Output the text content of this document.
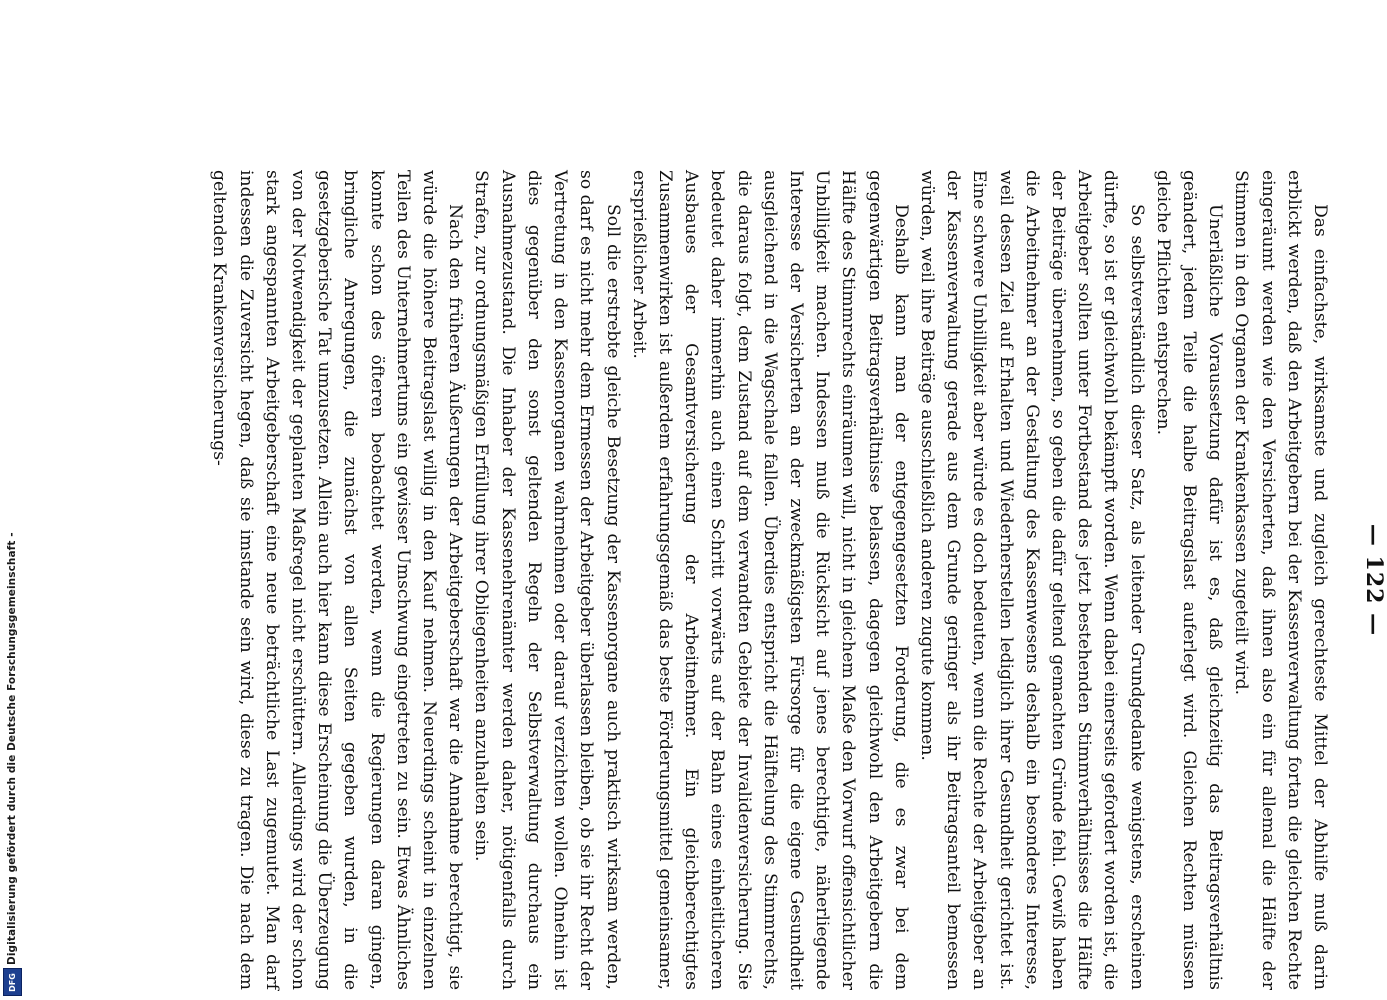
Digitalisierung gefördert durch die Deutsche Forschungsgemeinschaft -
DFG
— 122 —

Das einfachste, wirksamste und zugleich gerechteste Mittel der Abhilfe muß darin erblickt werden, daß den Arbeitgebern bei der Kassenverwaltung fortan die gleichen Rechte eingeräumt werden wie den Versicherten, daß ihnen also ein für allemal die Hälfte der Stimmen in den Organen der Krankenkassen zugeteilt wird.

Unerläßliche Voraussetzung dafür ist es, daß gleichzeitig das Beitragsverhältnis geändert, jedem Teile die halbe Beitragslast auferlegt wird. Gleichen Rechten müssen gleiche Pflichten entsprechen.

So selbstverständlich dieser Satz, als leitender Grundgedanke wenigstens, erscheinen dürfte, so ist er gleichwohl bekämpft worden. Wenn dabei einerseits gefordert worden ist, die Arbeitgeber sollten unter Fortbestand des jetzt bestehenden Stimmverhältnisses die Hälfte der Beiträge übernehmen, so geben die dafür geltend gemachten Gründe fehl. Gewiß haben die Arbeitnehmer an der Gestaltung des Kassenwesens deshalb ein besonderes Interesse, weil dessen Ziel auf Erhalten und Wiederherstellen lediglich ihrer Gesundheit gerichtet ist. Eine schwere Unbilligkeit aber würde es doch bedeuten, wenn die Rechte der Arbeitgeber an der Kassenverwaltung gerade aus dem Grunde geringer als ihr Beitragsanteil bemessen würden, weil ihre Beiträge ausschließlich anderen zugute kommen.

Deshalb kann man der entgegengesetzten Forderung, die es zwar bei dem gegenwärtigen Beitragsverhältnisse belassen, dagegen gleichwohl den Arbeitgebern die Hälfte des Stimmrechts einräumen will, nicht in gleichem Maße den Vorwurf offensichtlicher Unbilligkeit machen. Indessen muß die Rücksicht auf jenes berechtigte, näherliegende Interesse der Versicherten an der zweckmäßigsten Fürsorge für die eigene Gesundheit ausgleichend in die Wagschale fallen. Überdies entspricht die Hälftelung des Stimmrechts, die daraus folgt, dem Zustand auf dem verwandten Gebiete der Invalidenversicherung. Sie bedeutet daher immerhin auch einen Schritt vorwärts auf der Bahn eines einheitlicheren Ausbaues der Gesamtversicherung der Arbeitnehmer. Ein gleichberechtigtes Zusammenwirken ist außerdem erfahrungsgemäß das beste Förderungsmittel gemeinsamer, ersprießlicher Arbeit.

Soll die erstrebte gleiche Besetzung der Kassenorgane auch praktisch wirksam werden, so darf es nicht mehr dem Ermessen der Arbeitgeber überlassen bleiben, ob sie ihr Recht der Vertretung in den Kassenorganen wahrnehmen oder darauf verzichten wollen. Ohnehin ist dies gegenüber den sonst geltenden Regeln der Selbstverwaltung durchaus ein Ausnahmezustand. Die Inhaber der Kassenehrenämter werden daher, nötigenfalls durch Strafen, zur ordnungsmäßigen Erfüllung ihrer Obliegenheiten anzuhalten sein.

Nach den früheren Äußerungen der Arbeitgeberschaft war die Annahme berechtigt, sie würde die höhere Beitragslast willig in den Kauf nehmen. Neuerdings scheint in einzelnen Teilen des Unternehmertums ein gewisser Umschwung eingetreten zu sein. Etwas Ähnliches konnte schon des öfteren beobachtet werden, wenn die Regierungen daran gingen, bringliche Anregungen, die zunächst von allen Seiten gegeben wurden, in die gesetzgeberische Tat umzusetzen. Allein auch hier kann diese Erscheinung die Überzeugung von der Notwendigkeit der geplanten Maßregel nicht erschüttern. Allerdings wird der schon stark angespannten Arbeitgeberschaft eine neue beträchtliche Last zugemutet. Man darf indessen die Zuversicht hegen, daß sie imstande sein wird, diese zu tragen. Die nach dem geltenden Krankenversicherungs-
